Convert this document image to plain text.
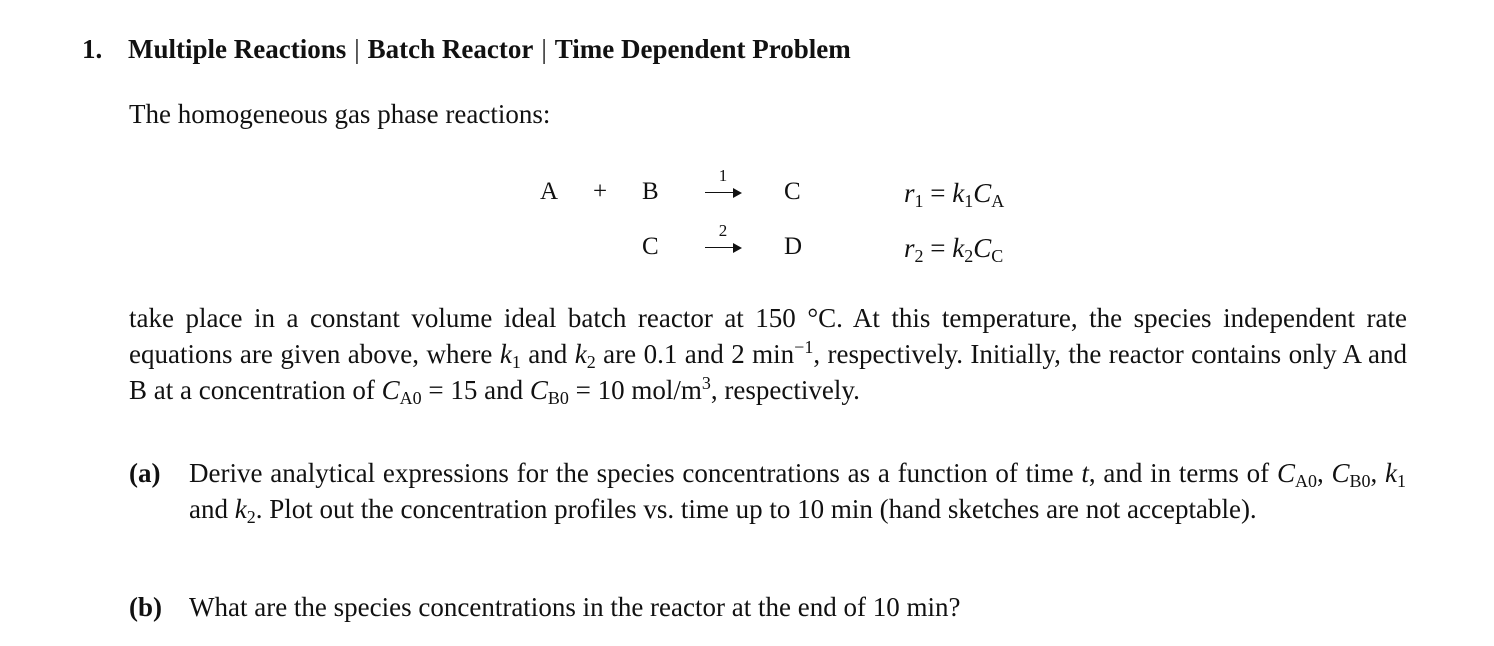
1. Multiple Reactions | Batch Reactor | Time Dependent Problem
The homogeneous gas phase reactions:
A + B
1
C	$r_1 = k_1C_A$
C
2
D	$r_2 = k_2C_C$
take place in a constant volume ideal batch reactor at 150 °C. At this temperature, the species independent rate equations are given above, where $k_1$ and $k_2$ are 0.1 and 2 $\min^{-1}$, respectively. Initially, the reactor contains only A and B at a concentration of $C_{A0} = 15$ and $C_{B0} = 10$ mol/$m^3$, respectively.
(a) Derive analytical expressions for the species concentrations as a function of time t, and in terms of $C_{A0}$, $C_{B0}$, $k_1$ and $k_2$. Plot out the concentration profiles vs. time up to 10 min (hand sketches are not acceptable).
(b) What are the species concentrations in the reactor at the end of 10 min?
